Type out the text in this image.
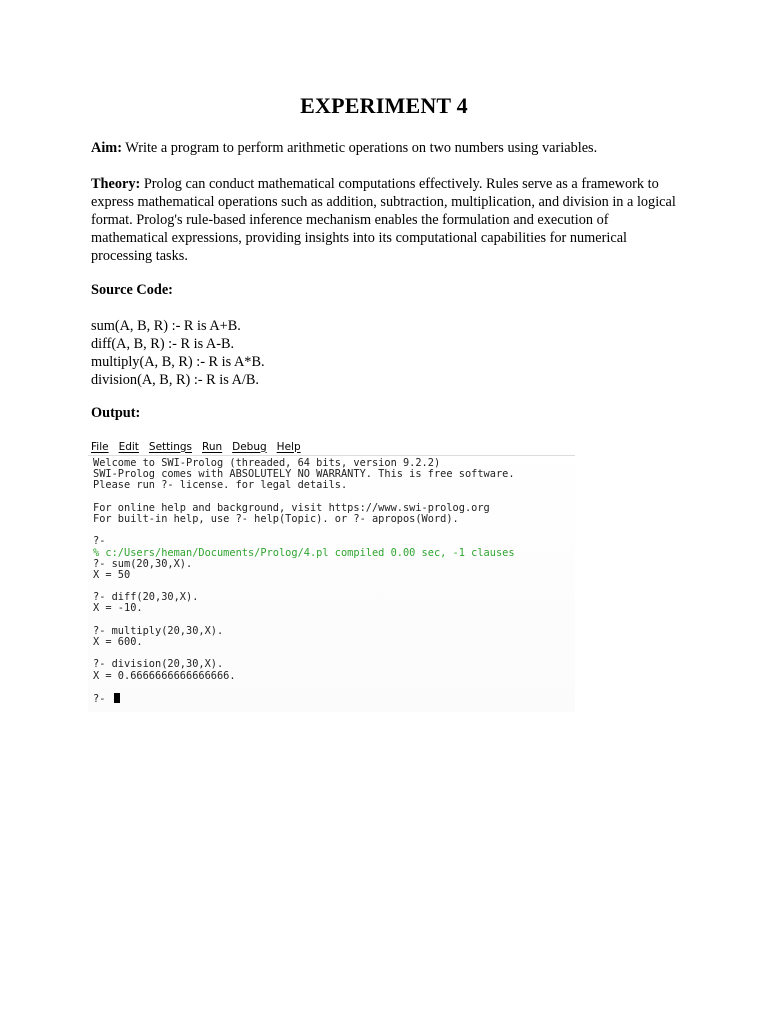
EXPERIMENT 4
Aim: Write a program to perform arithmetic operations on two numbers using variables.
Theory: Prolog can conduct mathematical computations effectively. Rules serve as a framework to express mathematical operations such as addition, subtraction, multiplication, and division in a logical format. Prolog's rule-based inference mechanism enables the formulation and execution of mathematical expressions, providing insights into its computational capabilities for numerical processing tasks.
Source Code:
sum(A, B, R) :- R is A+B.
diff(A, B, R) :- R is A-B.
multiply(A, B, R) :- R is A*B.
division(A, B, R) :- R is A/B.
Output:
File Edit Settings Run Debug Help
Welcome to SWI-Prolog (threaded, 64 bits, version 9.2.2)
SWI-Prolog comes with ABSOLUTELY NO WARRANTY. This is free software.
Please run ?- license. for legal details.
For online help and background, visit https://www.swi-prolog.org
For built-in help, use ?- help(Topic). or ?- apropos(Word).
?-
% c:/Users/heman/Documents/Prolog/4.pl compiled 0.00 sec, -1 clauses
?- sum(20,30,X).
X = 50
?- diff(20,30,X).
X = -10.
?- multiply(20,30,X).
X = 600.
?- division(20,30,X).
X = 0.6666666666666666.
?-
